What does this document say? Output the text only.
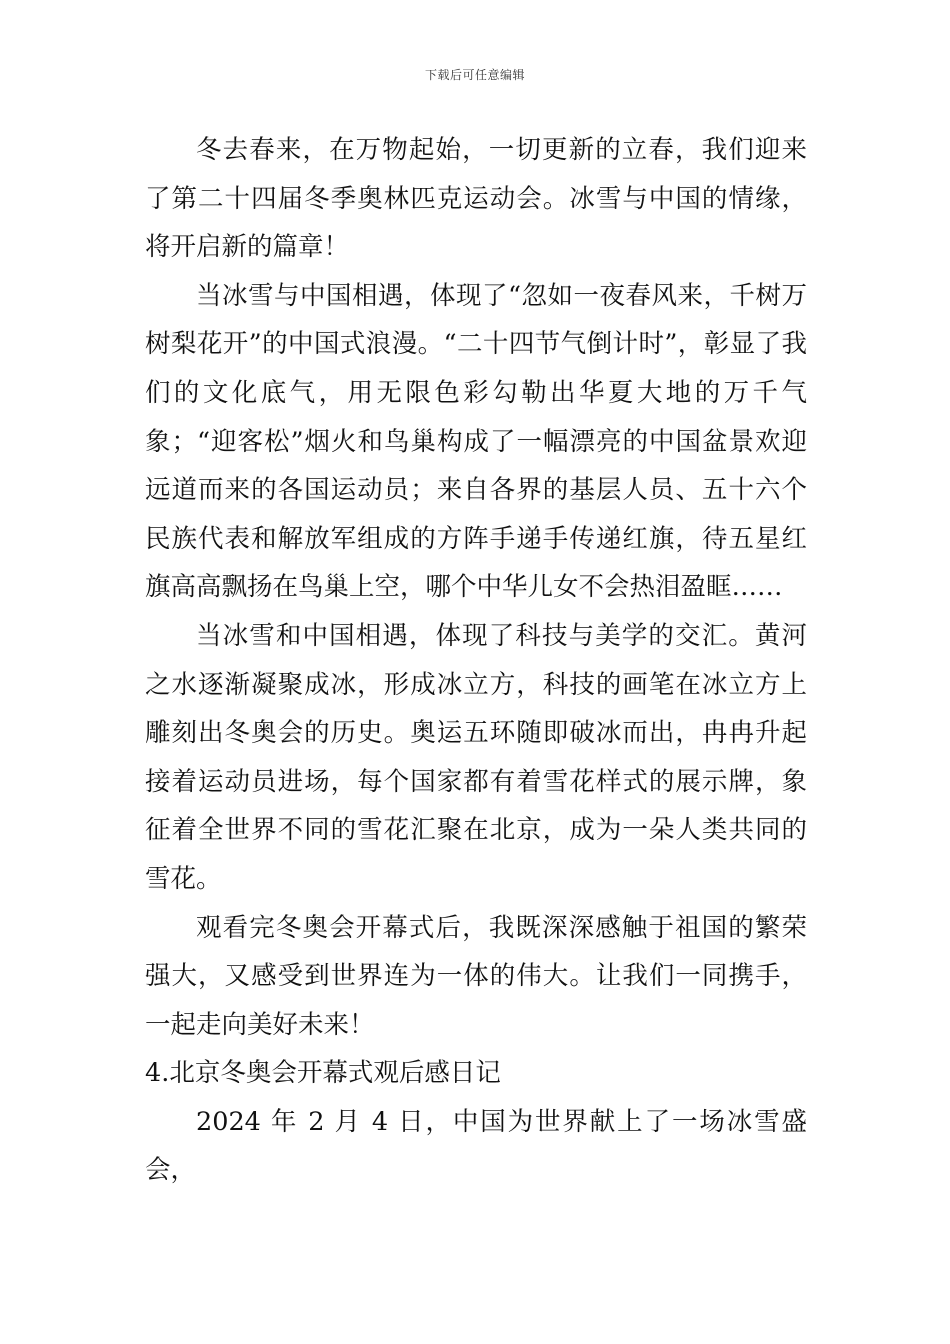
下载后可任意编辑

冬去春来，在万物起始，一切更新的立春，我们迎来了第二十四届冬季奥林匹克运动会。冰雪与中国的情缘，将开启新的篇章！

当冰雪与中国相遇，体现了“忽如一夜春风来，千树万树梨花开”的中国式浪漫。“二十四节气倒计时”，彰显了我们的文化底气，用无限色彩勾勒出华夏大地的万千气象；“迎客松”烟火和鸟巢构成了一幅漂亮的中国盆景欢迎远道而来的各国运动员；来自各界的基层人员、五十六个民族代表和解放军组成的方阵手递手传递红旗，待五星红旗高高飘扬在鸟巢上空，哪个中华儿女不会热泪盈眶……

当冰雪和中国相遇，体现了科技与美学的交汇。黄河之水逐渐凝聚成冰，形成冰立方，科技的画笔在冰立方上雕刻出冬奥会的历史。奥运五环随即破冰而出，冉冉升起接着运动员进场，每个国家都有着雪花样式的展示牌，象征着全世界不同的雪花汇聚在北京，成为一朵人类共同的雪花。

观看完冬奥会开幕式后，我既深深感触于祖国的繁荣强大，又感受到世界连为一体的伟大。让我们一同携手，一起走向美好未来！

4.北京冬奥会开幕式观后感日记

2024 年 2 月 4 日，中国为世界献上了一场冰雪盛会，
